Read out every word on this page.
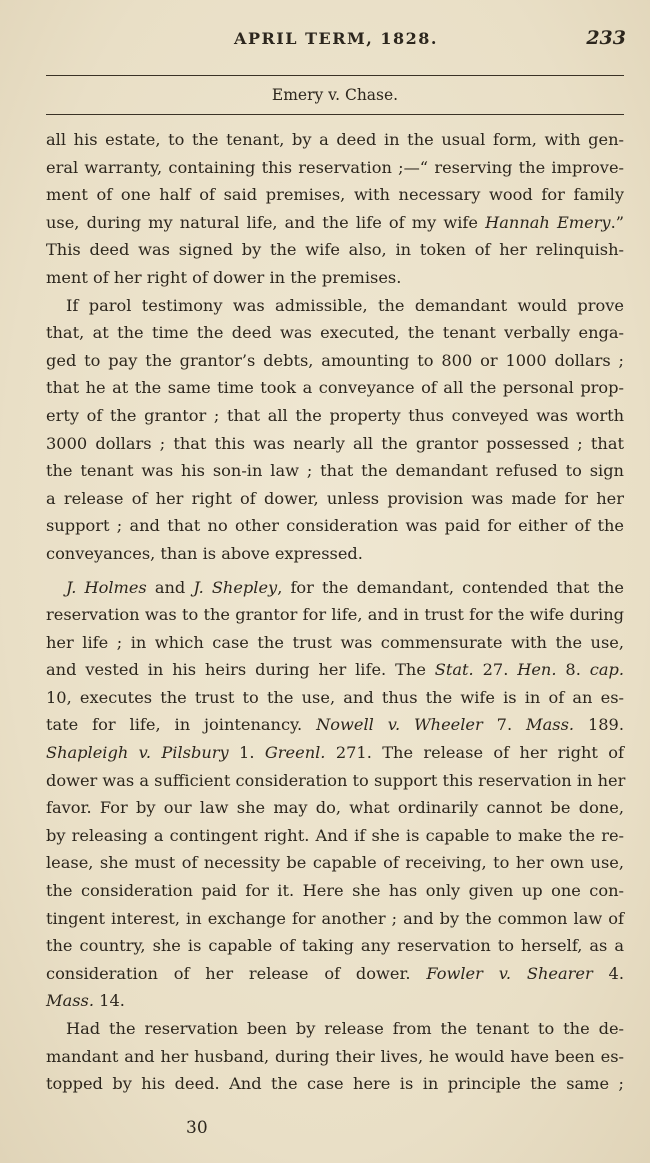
APRIL TERM, 1828.	233
Emery v. Chase.
all his estate, to the tenant, by a deed in the usual form, with gen-
eral warranty, containing this reservation ;—“ reserving the improve-
ment of one half of said premises, with necessary wood for family
use, during my natural life, and the life of my wife Hannah Emery.”
This deed was signed by the wife also, in token of her relinquish-
ment of her right of dower in the premises.
If parol testimony was admissible, the demandant would prove
that, at the time the deed was executed, the tenant verbally enga-
ged to pay the grantor’s debts, amounting to 800 or 1000 dollars ;
that he at the same time took a conveyance of all the personal prop-
erty of the grantor ; that all the property thus conveyed was worth
3000 dollars ; that this was nearly all the grantor possessed ; that
the tenant was his son-in law ; that the demandant refused to sign
a release of her right of dower, unless provision was made for her
support ; and that no other consideration was paid for either of the
conveyances, than is above expressed.
J. Holmes and J. Shepley, for the demandant, contended that the
reservation was to the grantor for life, and in trust for the wife during
her life ; in which case the trust was commensurate with the use,
and vested in his heirs during her life. The Stat. 27. Hen. 8. cap.
10, executes the trust to the use, and thus the wife is in of an es-
tate for life, in jointenancy. Nowell v. Wheeler 7. Mass. 189.
Shapleigh v. Pilsbury 1. Greenl. 271. The release of her right of
dower was a sufficient consideration to support this reservation in her
favor. For by our law she may do, what ordinarily cannot be done,
by releasing a contingent right. And if she is capable to make the re-
lease, she must of necessity be capable of receiving, to her own use,
the consideration paid for it. Here she has only given up one con-
tingent interest, in exchange for another ; and by the common law of
the country, she is capable of taking any reservation to herself, as a
consideration of her release of dower. Fowler v. Shearer 4.
Mass. 14.
Had the reservation been by release from the tenant to the de-
mandant and her husband, during their lives, he would have been es-
topped by his deed. And the case here is in principle the same ;
30
